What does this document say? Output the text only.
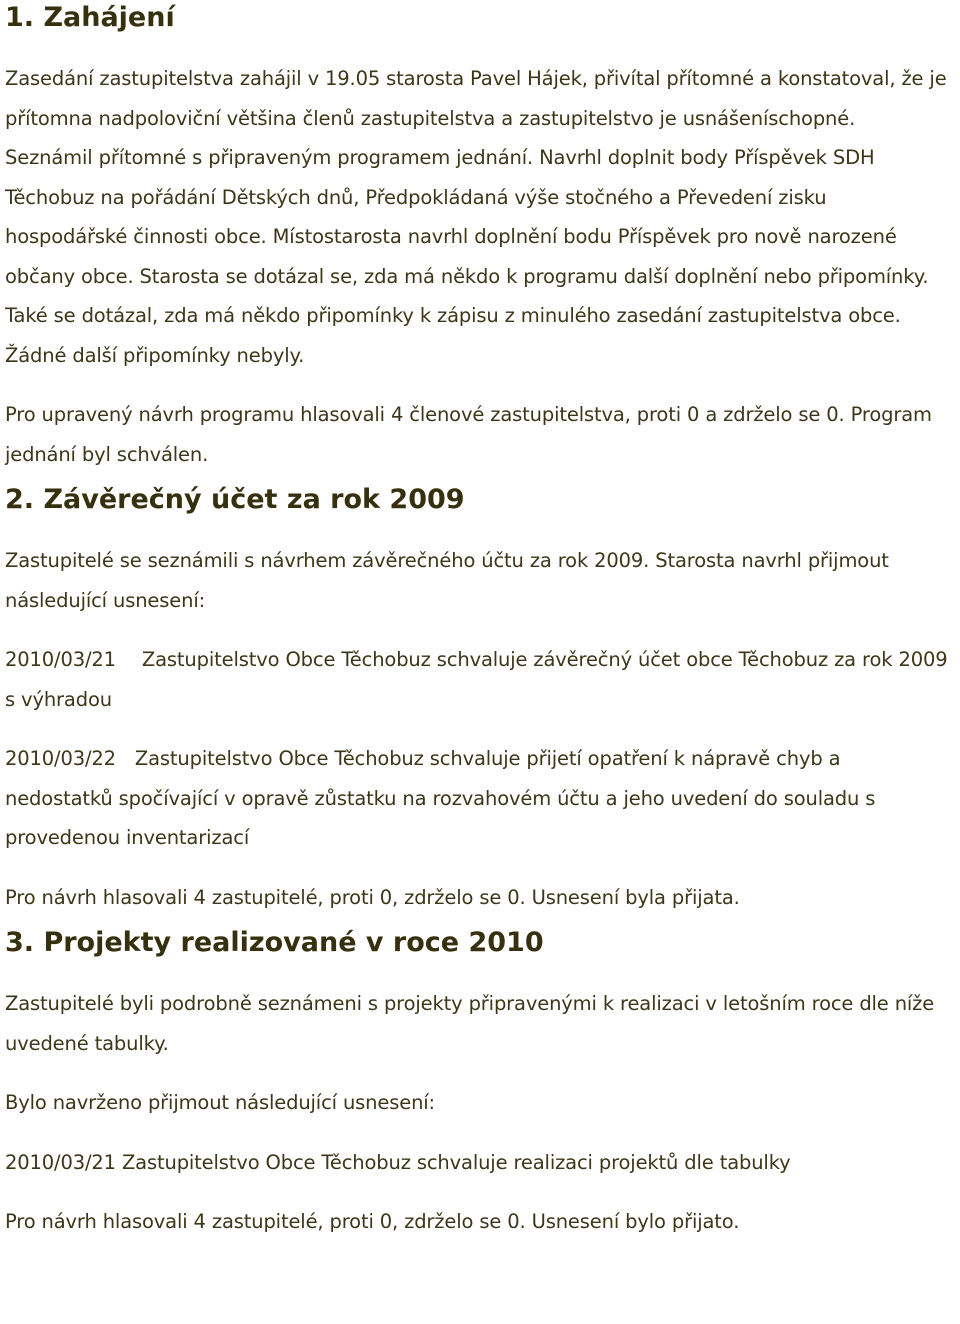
1. Zahájení

Zasedání zastupitelstva zahájil v 19.05 starosta Pavel Hájek, přivítal přítomné a konstatoval, že je přítomna nadpoloviční většina členů zastupitelstva a zastupitelstvo je usnášeníschopné. Seznámil přítomné s připraveným programem jednání. Navrhl doplnit body Příspěvek SDH Těchobuz na pořádání Dětských dnů, Předpokládaná výše stočného a Převedení zisku hospodářské činnosti obce. Místostarosta navrhl doplnění bodu Příspěvek pro nově narozené občany obce. Starosta se dotázal se, zda má někdo k programu další doplnění nebo připomínky. Také se dotázal, zda má někdo připomínky k zápisu z minulého zasedání zastupitelstva obce. Žádné další připomínky nebyly.

Pro upravený návrh programu hlasovali 4 členové zastupitelstva, proti 0 a zdrželo se 0. Program jednání byl schválen.

2. Závěrečný účet za rok 2009

Zastupitelé se seznámili s návrhem závěrečného účtu za rok 2009. Starosta navrhl přijmout následující usnesení:

2010/03/21 Zastupitelstvo Obce Těchobuz schvaluje závěrečný účet obce Těchobuz za rok 2009 s výhradou

2010/03/22 Zastupitelstvo Obce Těchobuz schvaluje přijetí opatření k nápravě chyb a nedostatků spočívající v opravě zůstatku na rozvahovém účtu a jeho uvedení do souladu s provedenou inventarizací

Pro návrh hlasovali 4 zastupitelé, proti 0, zdrželo se 0. Usnesení byla přijata.

3. Projekty realizované v roce 2010

Zastupitelé byli podrobně seznámeni s projekty připravenými k realizaci v letošním roce dle níže uvedené tabulky.

Bylo navrženo přijmout následující usnesení:

2010/03/21 Zastupitelstvo Obce Těchobuz schvaluje realizaci projektů dle tabulky

Pro návrh hlasovali 4 zastupitelé, proti 0, zdrželo se 0. Usnesení bylo přijato.
